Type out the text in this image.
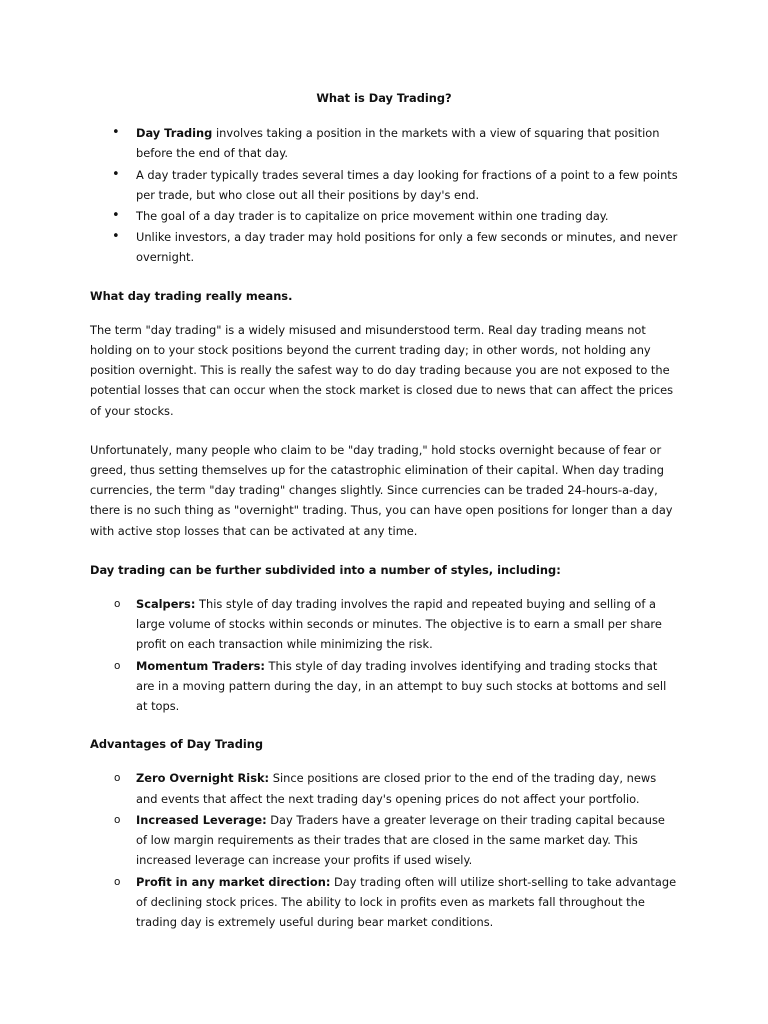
What is Day Trading?
• Day Trading involves taking a position in the markets with a view of squaring that position before the end of that day.
• A day trader typically trades several times a day looking for fractions of a point to a few points per trade, but who close out all their positions by day's end.
• The goal of a day trader is to capitalize on price movement within one trading day.
• Unlike investors, a day trader may hold positions for only a few seconds or minutes, and never overnight.
What day trading really means.

The term "day trading" is a widely misused and misunderstood term. Real day trading means not holding on to your stock positions beyond the current trading day; in other words, not holding any position overnight. This is really the safest way to do day trading because you are not exposed to the potential losses that can occur when the stock market is closed due to news that can affect the prices of your stocks.

Unfortunately, many people who claim to be "day trading," hold stocks overnight because of fear or greed, thus setting themselves up for the catastrophic elimination of their capital. When day trading currencies, the term "day trading" changes slightly. Since currencies can be traded 24-hours-a-day, there is no such thing as "overnight" trading. Thus, you can have open positions for longer than a day with active stop losses that can be activated at any time.

Day trading can be further subdivided into a number of styles, including:
o Scalpers: This style of day trading involves the rapid and repeated buying and selling of a large volume of stocks within seconds or minutes. The objective is to earn a small per share profit on each transaction while minimizing the risk.
o Momentum Traders: This style of day trading involves identifying and trading stocks that are in a moving pattern during the day, in an attempt to buy such stocks at bottoms and sell at tops.
Advantages of Day Trading
o Zero Overnight Risk: Since positions are closed prior to the end of the trading day, news and events that affect the next trading day's opening prices do not affect your portfolio.
o Increased Leverage: Day Traders have a greater leverage on their trading capital because of low margin requirements as their trades that are closed in the same market day. This increased leverage can increase your profits if used wisely.
o Profit in any market direction: Day trading often will utilize short-selling to take advantage of declining stock prices. The ability to lock in profits even as markets fall throughout the trading day is extremely useful during bear market conditions.
